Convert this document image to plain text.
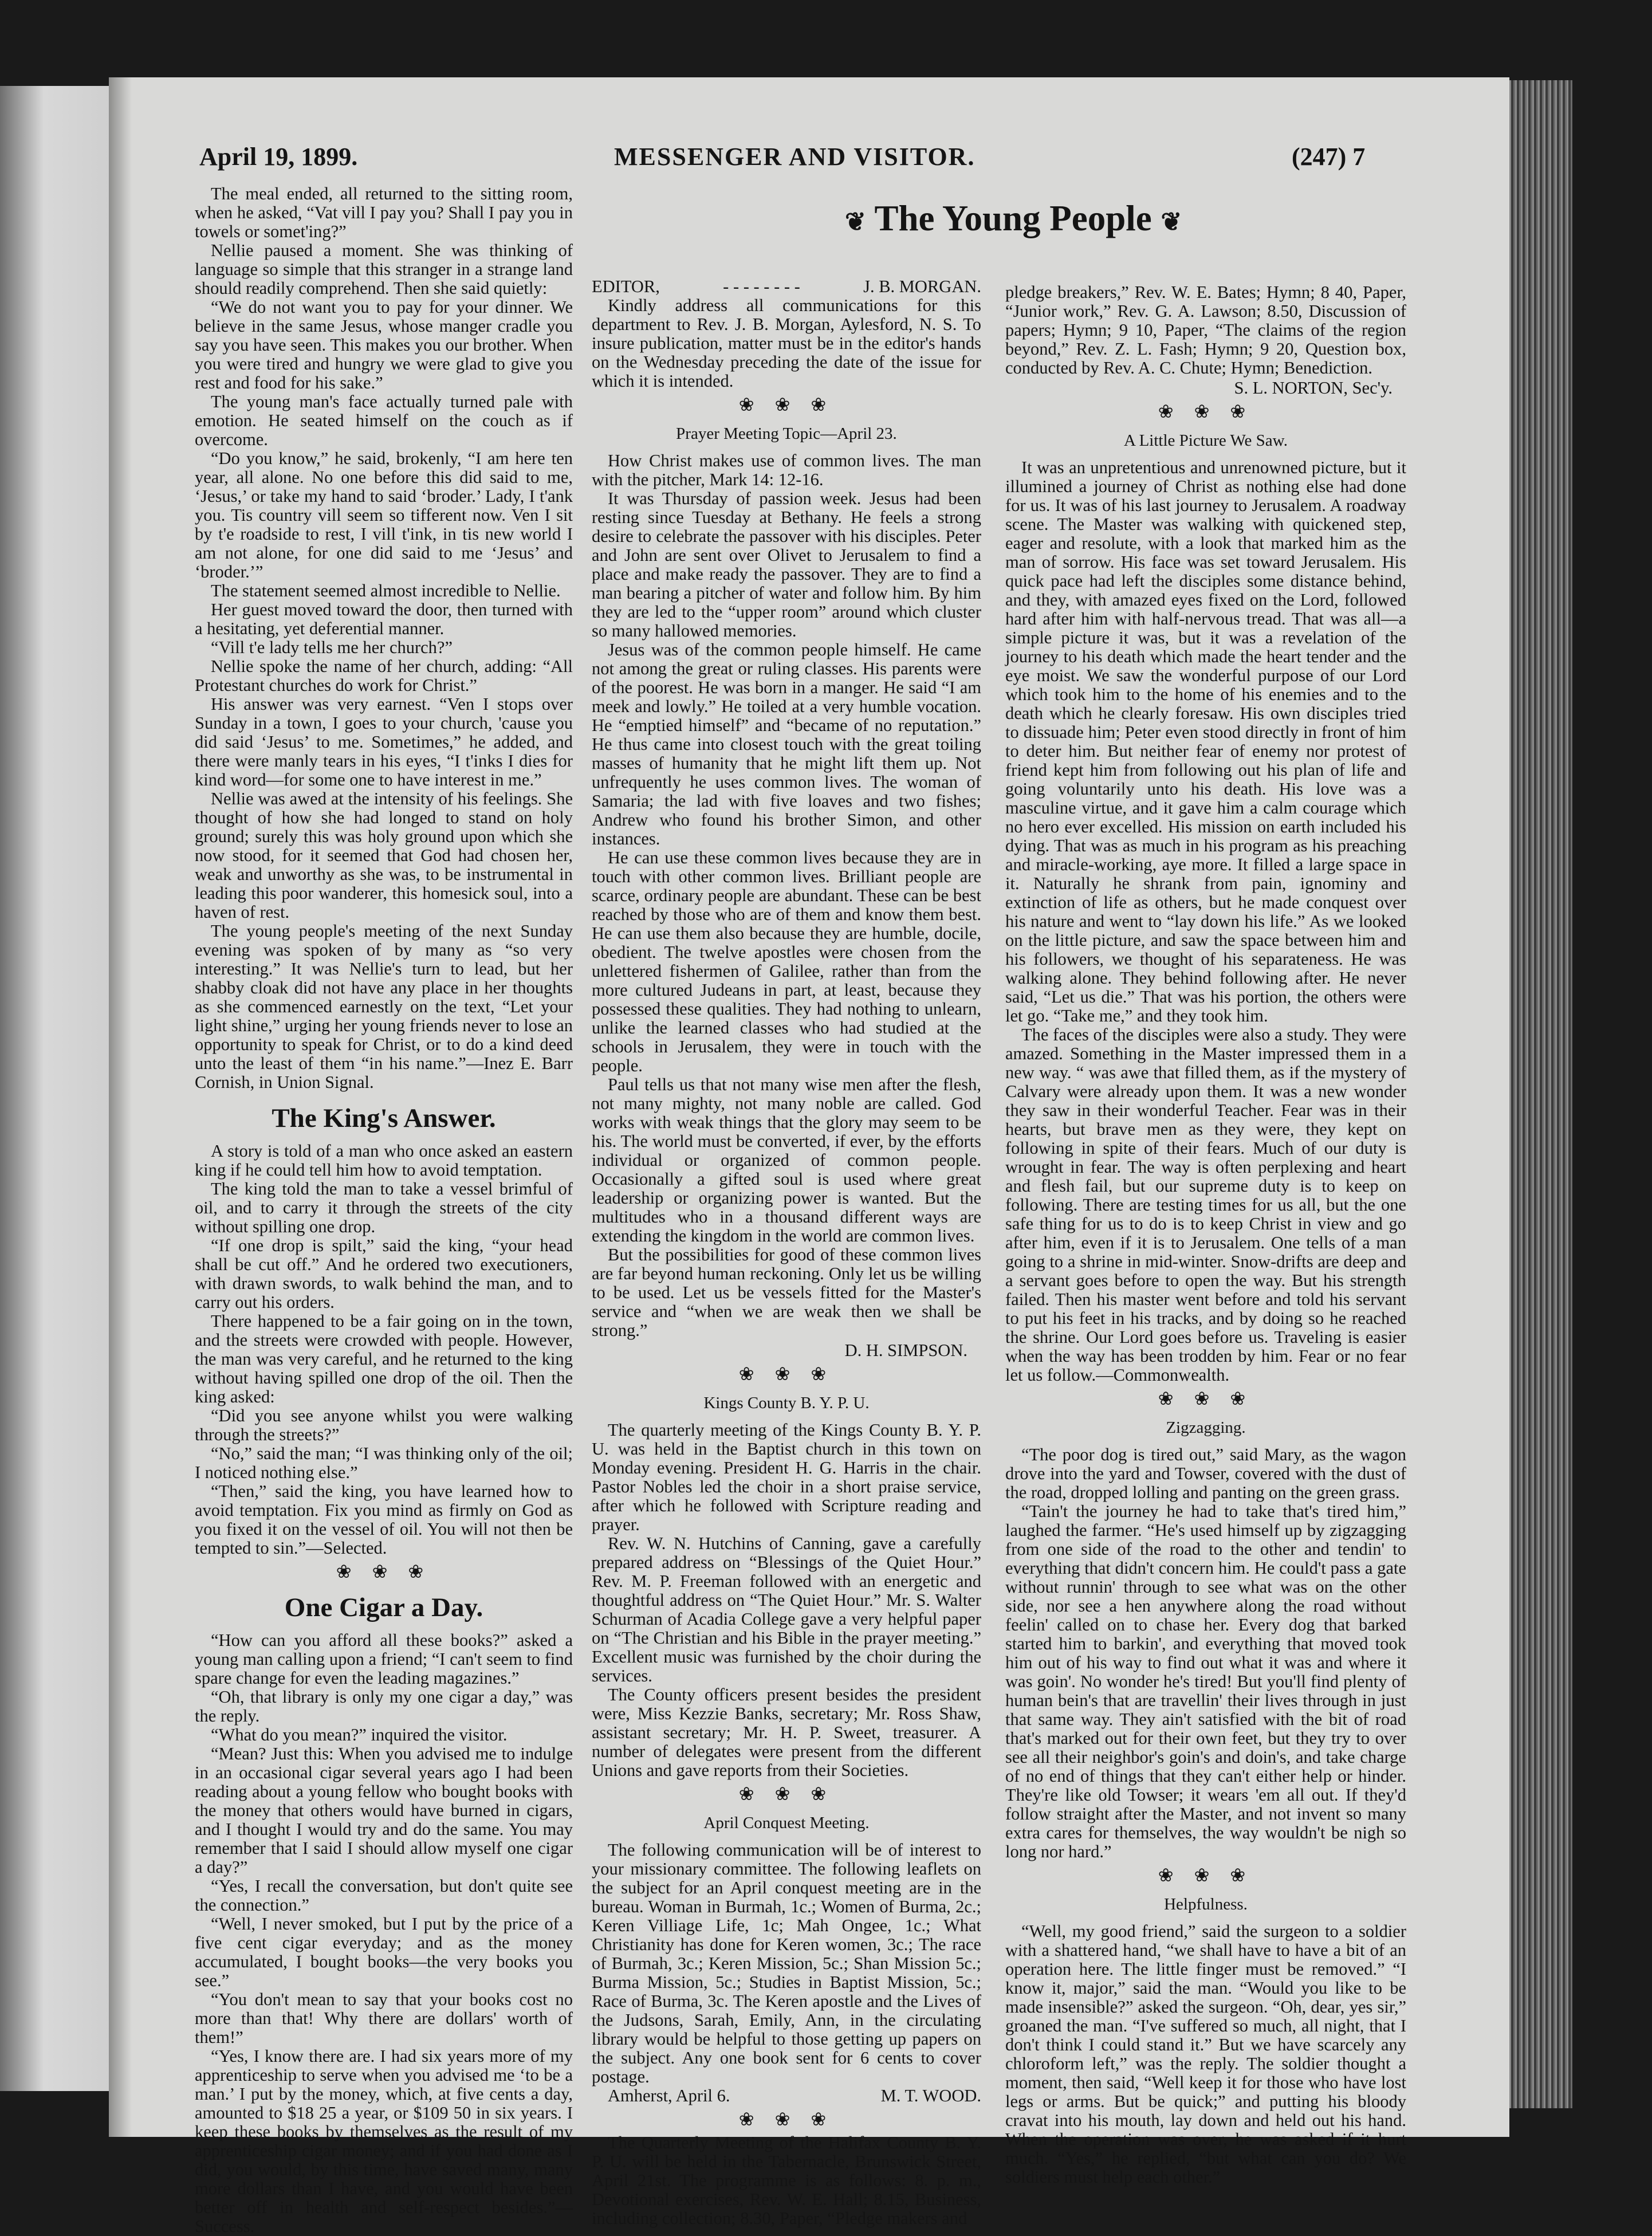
April 19, 1899.	MESSENGER AND VISITOR.	(247) 7
❦ The Young People ❦

The meal ended, all returned to the sitting room, when he asked, “Vat vill I pay you? Shall I pay you in towels or somet'ing?”

Nellie paused a moment. She was thinking of language so simple that this stranger in a strange land should readily comprehend. Then she said quietly:

“We do not want you to pay for your dinner. We believe in the same Jesus, whose manger cradle you say you have seen. This makes you our brother. When you were tired and hungry we were glad to give you rest and food for his sake.”

The young man's face actually turned pale with emotion. He seated himself on the couch as if overcome.

“Do you know,” he said, brokenly, “I am here ten year, all alone. No one before this did said to me, ‘Jesus,’ or take my hand to said ‘broder.’ Lady, I t'ank you. Tis country vill seem so tifferent now. Ven I sit by t'e roadside to rest, I vill t'ink, in tis new world I am not alone, for one did said to me ‘Jesus’ and ‘broder.’”

The statement seemed almost incredible to Nellie.

Her guest moved toward the door, then turned with a hesitating, yet deferential manner.

“Vill t'e lady tells me her church?”

Nellie spoke the name of her church, adding: “All Protestant churches do work for Christ.”

His answer was very earnest. “Ven I stops over Sunday in a town, I goes to your church, 'cause you did said ‘Jesus’ to me. Sometimes,” he added, and there were manly tears in his eyes, “I t'inks I dies for kind word—for some one to have interest in me.”

Nellie was awed at the intensity of his feelings. She thought of how she had longed to stand on holy ground; surely this was holy ground upon which she now stood, for it seemed that God had chosen her, weak and unworthy as she was, to be instrumental in leading this poor wanderer, this homesick soul, into a haven of rest.

The young people's meeting of the next Sunday evening was spoken of by many as “so very interesting.” It was Nellie's turn to lead, but her shabby cloak did not have any place in her thoughts as she commenced earnestly on the text, “Let your light shine,” urging her young friends never to lose an opportunity to speak for Christ, or to do a kind deed unto the least of them “in his name.”—Inez E. Barr Cornish, in Union Signal.

The King's Answer.

A story is told of a man who once asked an eastern king if he could tell him how to avoid temptation.

The king told the man to take a vessel brimful of oil, and to carry it through the streets of the city without spilling one drop.

“If one drop is spilt,” said the king, “your head shall be cut off.” And he ordered two executioners, with drawn swords, to walk behind the man, and to carry out his orders.

There happened to be a fair going on in the town, and the streets were crowded with people. However, the man was very careful, and he returned to the king without having spilled one drop of the oil. Then the king asked:

“Did you see anyone whilst you were walking through the streets?”

“No,” said the man; “I was thinking only of the oil; I noticed nothing else.”

“Then,” said the king, you have learned how to avoid temptation. Fix you mind as firmly on God as you fixed it on the vessel of oil. You will not then be tempted to sin.”—Selected.

❀ ❀ ❀
One Cigar a Day.

“How can you afford all these books?” asked a young man calling upon a friend; “I can't seem to find spare change for even the leading magazines.”

“Oh, that library is only my one cigar a day,” was the reply.

“What do you mean?” inquired the visitor.

“Mean? Just this: When you advised me to indulge in an occasional cigar several years ago I had been reading about a young fellow who bought books with the money that others would have burned in cigars, and I thought I would try and do the same. You may remember that I said I should allow myself one cigar a day?”

“Yes, I recall the conversation, but don't quite see the connection.”

“Well, I never smoked, but I put by the price of a five cent cigar everyday; and as the money accumulated, I bought books—the very books you see.”

“You don't mean to say that your books cost no more than that! Why there are dollars' worth of them!”

“Yes, I know there are. I had six years more of my apprenticeship to serve when you advised me ‘to be a man.’ I put by the money, which, at five cents a day, amounted to $18 25 a year, or $109 50 in six years. I keep these books by themselves as the result of my apprenticeship cigar money; and if you had done as I did, you would, by this time, have saved many, many more dollars than I have, and you would have been better off in health and self-respect besides.”—Success.

EDITOR,	- - - - - - - -	J. B. MORGAN.

Kindly address all communications for this department to Rev. J. B. Morgan, Aylesford, N. S. To insure publication, matter must be in the editor's hands on the Wednesday preceding the date of the issue for which it is intended.

❀ ❀ ❀
Prayer Meeting Topic—April 23.

How Christ makes use of common lives. The man with the pitcher, Mark 14: 12-16.

It was Thursday of passion week. Jesus had been resting since Tuesday at Bethany. He feels a strong desire to celebrate the passover with his disciples. Peter and John are sent over Olivet to Jerusalem to find a place and make ready the passover. They are to find a man bearing a pitcher of water and follow him. By him they are led to the “upper room” around which cluster so many hallowed memories.

Jesus was of the common people himself. He came not among the great or ruling classes. His parents were of the poorest. He was born in a manger. He said “I am meek and lowly.” He toiled at a very humble vocation. He “emptied himself” and “became of no reputation.” He thus came into closest touch with the great toiling masses of humanity that he might lift them up. Not unfrequently he uses common lives. The woman of Samaria; the lad with five loaves and two fishes; Andrew who found his brother Simon, and other instances.

He can use these common lives because they are in touch with other common lives. Brilliant people are scarce, ordinary people are abundant. These can be best reached by those who are of them and know them best. He can use them also because they are humble, docile, obedient. The twelve apostles were chosen from the unlettered fishermen of Galilee, rather than from the more cultured Judeans in part, at least, because they possessed these qualities. They had nothing to unlearn, unlike the learned classes who had studied at the schools in Jerusalem, they were in touch with the people.

Paul tells us that not many wise men after the flesh, not many mighty, not many noble are called. God works with weak things that the glory may seem to be his. The world must be converted, if ever, by the efforts individual or organized of common people. Occasionally a gifted soul is used where great leadership or organizing power is wanted. But the multitudes who in a thousand different ways are extending the kingdom in the world are common lives.

But the possibilities for good of these common lives are far beyond human reckoning. Only let us be willing to be used. Let us be vessels fitted for the Master's service and “when we are weak then we shall be strong.”

D. H. SIMPSON.
❀ ❀ ❀
Kings County B. Y. P. U.

The quarterly meeting of the Kings County B. Y. P. U. was held in the Baptist church in this town on Monday evening. President H. G. Harris in the chair. Pastor Nobles led the choir in a short praise service, after which he followed with Scripture reading and prayer.

Rev. W. N. Hutchins of Canning, gave a carefully prepared address on “Blessings of the Quiet Hour.” Rev. M. P. Freeman followed with an energetic and thoughtful address on “The Quiet Hour.” Mr. S. Walter Schurman of Acadia College gave a very helpful paper on “The Christian and his Bible in the prayer meeting.” Excellent music was furnished by the choir during the services.

The County officers present besides the president were, Miss Kezzie Banks, secretary; Mr. Ross Shaw, assistant secretary; Mr. H. P. Sweet, treasurer. A number of delegates were present from the different Unions and gave reports from their Societies.

❀ ❀ ❀
April Conquest Meeting.

The following communication will be of interest to your missionary committee. The following leaflets on the subject for an April conquest meeting are in the bureau. Woman in Burmah, 1c.; Women of Burma, 2c.; Keren Villiage Life, 1c; Mah Ongee, 1c.; What Christianity has done for Keren women, 3c.; The race of Burmah, 3c.; Keren Mission, 5c.; Shan Mission 5c.; Burma Mission, 5c.; Studies in Baptist Mission, 5c.; Race of Burma, 3c. The Keren apostle and the Lives of the Judsons, Sarah, Emily, Ann, in the circulating library would be helpful to those getting up papers on the subject. Any one book sent for 6 cents to cover postage.

Amherst, April 6.	M. T. WOOD.

❀ ❀ ❀

The Quarterly Meeting of the Halifax County B. Y. P. U. will be held in the Tabernacle, Brunswick Street, April 21st. The programme is as follows: 8. p. m., Devotional exercises, Rev. W. E. Hall; 8.15, Business, including collection; 8.30, Paper, “Pledge makers and

pledge breakers,” Rev. W. E. Bates; Hymn; 8 40, Paper, “Junior work,” Rev. G. A. Lawson; 8.50, Discussion of papers; Hymn; 9 10, Paper, “The claims of the region beyond,” Rev. Z. L. Fash; Hymn; 9 20, Question box, conducted by Rev. A. C. Chute; Hymn; Benediction.

S. L. NORTON, Sec'y.
❀ ❀ ❀
A Little Picture We Saw.

It was an unpretentious and unrenowned picture, but it illumined a journey of Christ as nothing else had done for us. It was of his last journey to Jerusalem. A roadway scene. The Master was walking with quickened step, eager and resolute, with a look that marked him as the man of sorrow. His face was set toward Jerusalem. His quick pace had left the disciples some distance behind, and they, with amazed eyes fixed on the Lord, followed hard after him with half-nervous tread. That was all—a simple picture it was, but it was a revelation of the journey to his death which made the heart tender and the eye moist. We saw the wonderful purpose of our Lord which took him to the home of his enemies and to the death which he clearly foresaw. His own disciples tried to dissuade him; Peter even stood directly in front of him to deter him. But neither fear of enemy nor protest of friend kept him from following out his plan of life and going voluntarily unto his death. His love was a masculine virtue, and it gave him a calm courage which no hero ever excelled. His mission on earth included his dying. That was as much in his program as his preaching and miracle-working, aye more. It filled a large space in it. Naturally he shrank from pain, ignominy and extinction of life as others, but he made conquest over his nature and went to “lay down his life.” As we looked on the little picture, and saw the space between him and his followers, we thought of his separateness. He was walking alone. They behind following after. He never said, “Let us die.” That was his portion, the others were let go. “Take me,” and they took him.

The faces of the disciples were also a study. They were amazed. Something in the Master impressed them in a new way. “ was awe that filled them, as if the mystery of Calvary were already upon them. It was a new wonder they saw in their wonderful Teacher. Fear was in their hearts, but brave men as they were, they kept on following in spite of their fears. Much of our duty is wrought in fear. The way is often perplexing and heart and flesh fail, but our supreme duty is to keep on following. There are testing times for us all, but the one safe thing for us to do is to keep Christ in view and go after him, even if it is to Jerusalem. One tells of a man going to a shrine in mid-winter. Snow-drifts are deep and a servant goes before to open the way. But his strength failed. Then his master went before and told his servant to put his feet in his tracks, and by doing so he reached the shrine. Our Lord goes before us. Traveling is easier when the way has been trodden by him. Fear or no fear let us follow.—Commonwealth.

❀ ❀ ❀
Zigzagging.

“The poor dog is tired out,” said Mary, as the wagon drove into the yard and Towser, covered with the dust of the road, dropped lolling and panting on the green grass.

“Tain't the journey he had to take that's tired him,” laughed the farmer. “He's used himself up by zigzagging from one side of the road to the other and tendin' to everything that didn't concern him. He could't pass a gate without runnin' through to see what was on the other side, nor see a hen anywhere along the road without feelin' called on to chase her. Every dog that barked started him to barkin', and everything that moved took him out of his way to find out what it was and where it was goin'. No wonder he's tired! But you'll find plenty of human bein's that are travellin' their lives through in just that same way. They ain't satisfied with the bit of road that's marked out for their own feet, but they try to over see all their neighbor's goin's and doin's, and take charge of no end of things that they can't either help or hinder. They're like old Towser; it wears 'em all out. If they'd follow straight after the Master, and not invent so many extra cares for themselves, the way wouldn't be nigh so long nor hard.”

❀ ❀ ❀
Helpfulness.

“Well, my good friend,” said the surgeon to a soldier with a shattered hand, “we shall have to have a bit of an operation here. The little finger must be removed.” “I know it, major,” said the man. “Would you like to be made insensible?” asked the surgeon. “Oh, dear, yes sir,” groaned the man. “I've suffered so much, all night, that I don't think I could stand it.” But we have scarcely any chloroform left,” was the reply. The soldier thought a moment, then said, “Well keep it for those who have lost legs or arms. But be quick;” and putting his bloody cravat into his mouth, lay down and held out his hand. When the operation was over, he was asked if it hurt much. “Yes,” he replied, “but what can you do? We soldiers must help each other.”
